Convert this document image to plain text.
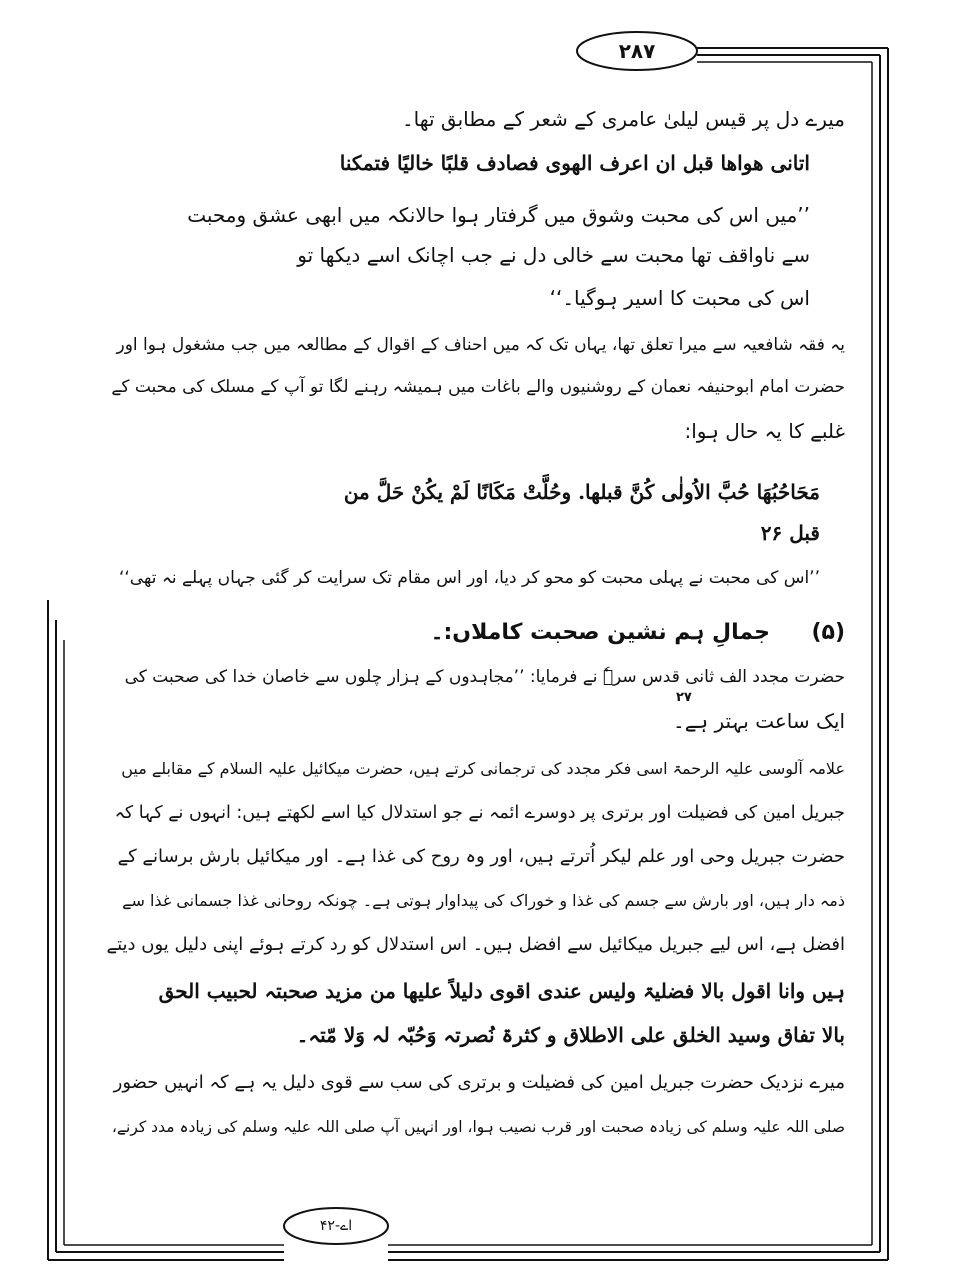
۲۸۷
میرے دل پر قیس لیلیٰ عامری کے شعر کے مطابق تھا۔
اتانی ھواھا قبل ان اعرف الھوی فصادف قلبًا خالیًا فتمکنا
’’میں اس کی محبت وشوق میں گرفتار ہوا حالانکہ میں ابھی عشق ومحبت
سے ناواقف تھا محبت سے خالی دل نے جب اچانک اسے دیکھا تو
اس کی محبت کا اسیر ہوگیا۔‘‘
یہ فقہ شافعیہ سے میرا تعلق تھا، یہاں تک کہ میں احناف کے اقوال کے مطالعہ میں جب مشغول ہوا اور
حضرت امام ابوحنیفہ نعمان کے روشنیوں والے باغات میں ہمیشہ رہنے لگا تو آپ کے مسلک کی محبت کے
غلبے کا یہ حال ہوا:
مَحَاحُبُھَا حُبَّ الاُولٰی کُنَّ قبلھا. وحُلَّتْ مَکَانًا لَمْ یکُنْ حَلَّ من
قبل ۲۶
’’اس کی محبت نے پہلی محبت کو محو کر دیا، اور اس مقام تک سرایت کر گئی جہاں پہلے نہ تھی‘‘
(۵)
جمالِ ہم نشین صحبت کاملاں:۔
حضرت مجدد الف ثانی قدس سرہٗ نے فرمایا: ’’مجاہدوں کے ہزار چلوں سے خاصان خدا کی صحبت کی
ایک ساعت بہتر ہے۔
۲۷
علامہ آلوسی علیہ الرحمۃ اسی فکر مجدد کی ترجمانی کرتے ہیں، حضرت میکائیل علیہ السلام کے مقابلے میں
جبریل امین کی فضیلت اور برتری پر دوسرے ائمہ نے جو استدلال کیا اسے لکھتے ہیں: انہوں نے کہا کہ
حضرت جبریل وحی اور علم لیکر اُترتے ہیں، اور وہ روح کی غذا ہے۔ اور میکائیل بارش برسانے کے
ذمہ دار ہیں، اور بارش سے جسم کی غذا و خوراک کی پیداوار ہوتی ہے۔ چونکہ روحانی غذا جسمانی غذا سے
افضل ہے، اس لیے جبریل میکائیل سے افضل ہیں۔ اس استدلال کو رد کرتے ہوئے اپنی دلیل یوں دیتے
ہیں وانا اقول بالا فضلیۃ ولیس عندی اقوی دلیلاً علیھا من مزید صحبتہ لحبیب الحق
بالا تفاق وسید الخلق علی الاطلاق و کثرۃ نُصرتہ وَحُبّہ لہ وَلا مّتہ۔
میرے نزدیک حضرت جبریل امین کی فضیلت و برتری کی سب سے قوی دلیل یہ ہے کہ انہیں حضور
صلی اللہ علیہ وسلم کی زیادہ صحبت اور قرب نصیب ہوا، اور انہیں آپ صلی اللہ علیہ وسلم کی زیادہ مدد کرنے،
اے-۴۲
